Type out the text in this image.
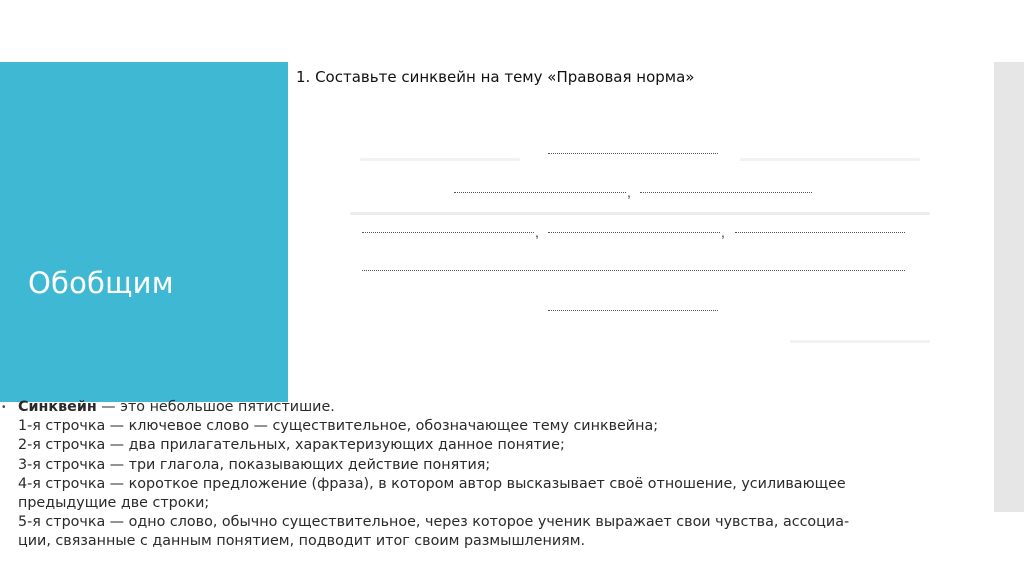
Обобщим
1. Составьте синквейн на тему «Правовая норма»
,
,	,
• Синквейн — это небольшое пятистишие.

1-я строчка — ключевое слово — существительное, обозначающее тему синквейна;

2-я строчка — два прилагательных, характеризующих данное понятие;

3-я строчка — три глагола, показывающих действие понятия;

4-я строчка — короткое предложение (фраза), в котором автор высказывает своё отношение, усиливающее

предыдущие две строки;

5-я строчка — одно слово, обычно существительное, через которое ученик выражает свои чувства, ассоциа-

ции, связанные с данным понятием, подводит итог своим размышлениям.
